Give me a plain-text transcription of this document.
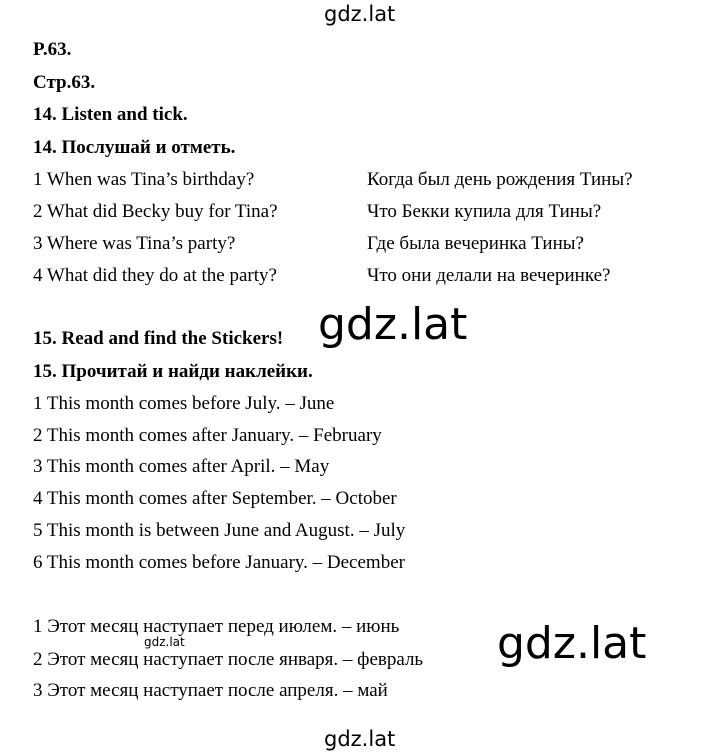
gdz.lat
P.63.
Стр.63.
14. Listen and tick.
14. Послушай и отметь.
1 When was Tina’s birthday?	Когда был день рождения Тины?
2 What did Becky buy for Tina?	Что Бекки купила для Тины?
3 Where was Tina’s party?	Где была вечеринка Тины?
4 What did they do at the party?	Что они делали на вечеринке?
15. Read and find the Stickers! gdz.lat
15. Прочитай и найди наклейки.
1 This month comes before July. – June
2 This month comes after January. – February
3 This month comes after April. – May
4 This month comes after September. – October
5 This month is between June and August. – July
6 This month comes before January. – December
1 Этот месяц наступает перед июлем. – июнь
2 Этот месяц наступает после января. – февраль
gdz.lat	gdz.lat
3 Этот месяц наступает после апреля. – май
gdz.lat
